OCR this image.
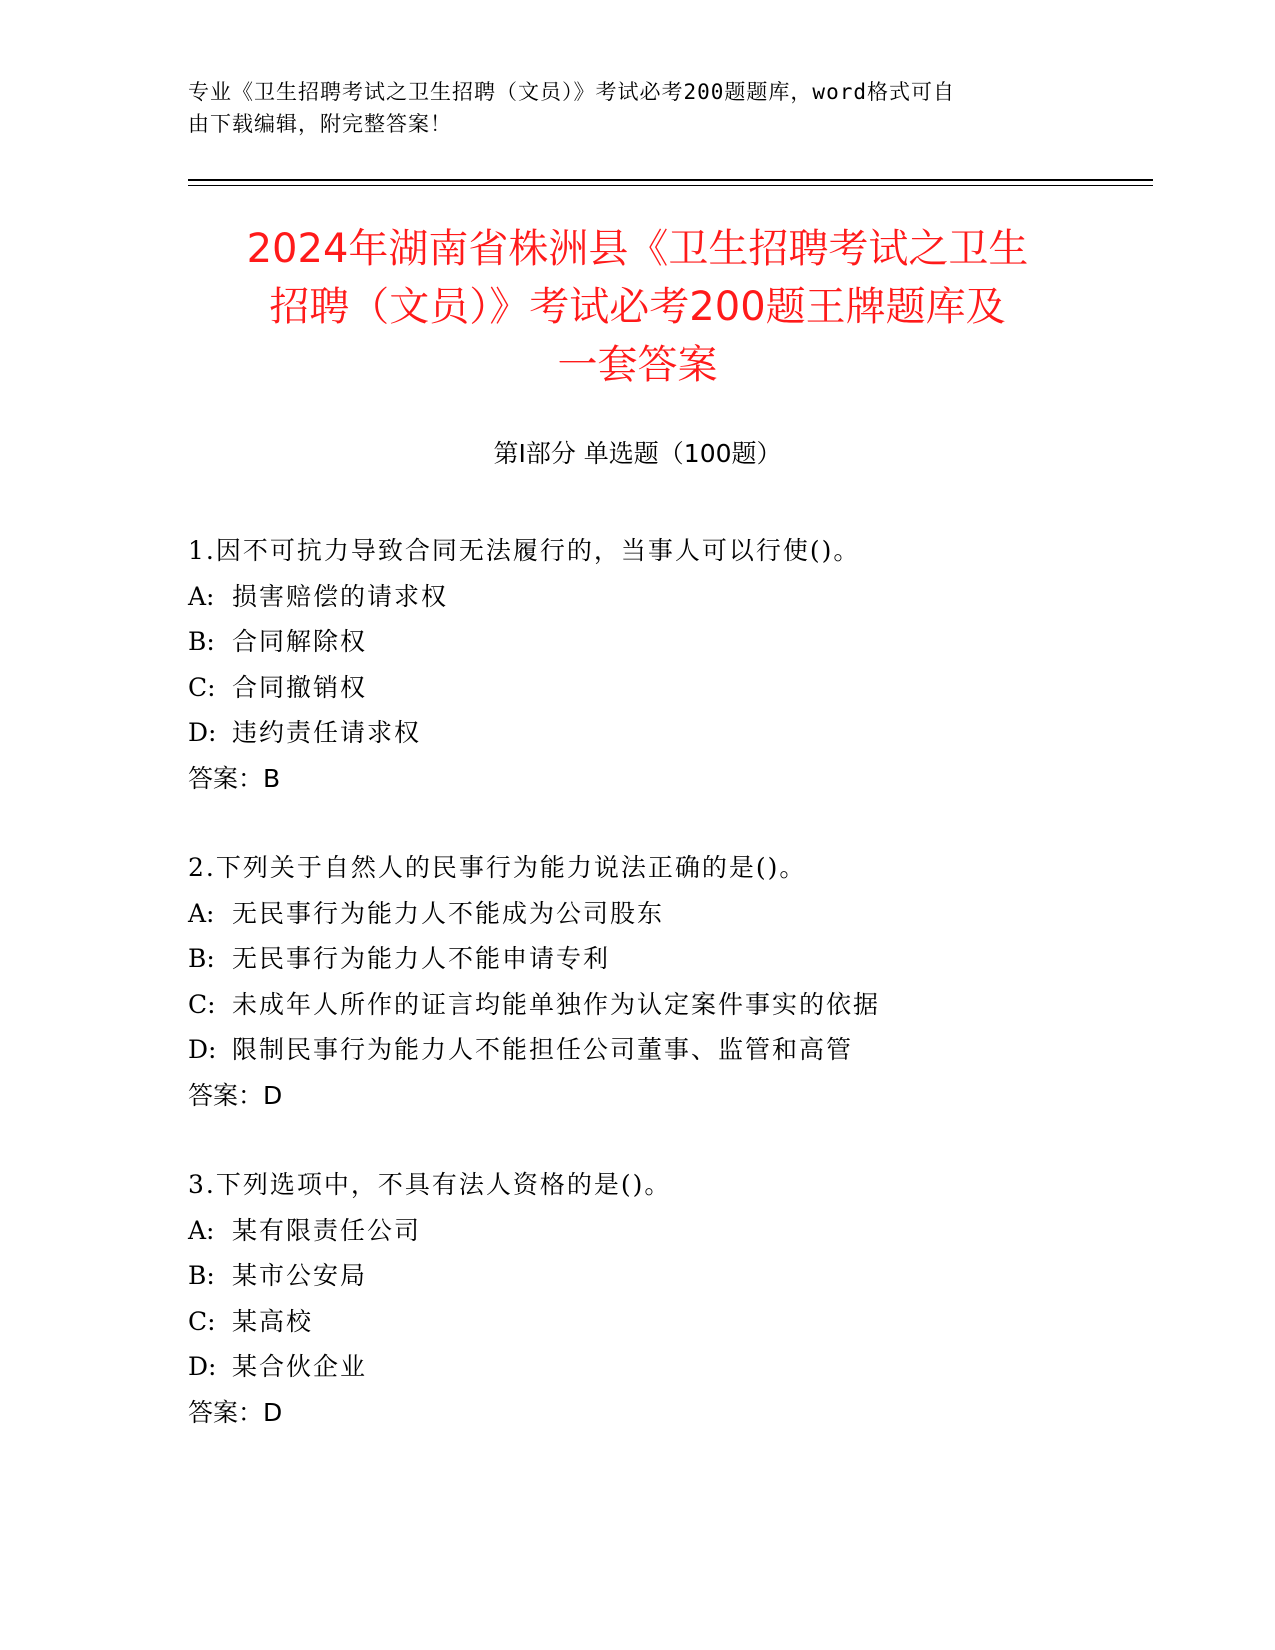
专业《卫生招聘考试之卫生招聘（文员）》考试必考200题题库，word格式可自
由下载编辑，附完整答案！
2024年湖南省株洲县《卫生招聘考试之卫生
招聘（文员）》考试必考200题王牌题库及
一套答案
第I部分 单选题（100题）
1.因不可抗力导致合同无法履行的，当事人可以行使()。
A: 损害赔偿的请求权
B: 合同解除权
C: 合同撤销权
D: 违约责任请求权
答案：B
2.下列关于自然人的民事行为能力说法正确的是()。
A: 无民事行为能力人不能成为公司股东
B: 无民事行为能力人不能申请专利
C: 未成年人所作的证言均能单独作为认定案件事实的依据
D: 限制民事行为能力人不能担任公司董事、监管和高管
答案：D
3.下列选项中，不具有法人资格的是()。
A: 某有限责任公司
B: 某市公安局
C: 某高校
D: 某合伙企业
答案：D
